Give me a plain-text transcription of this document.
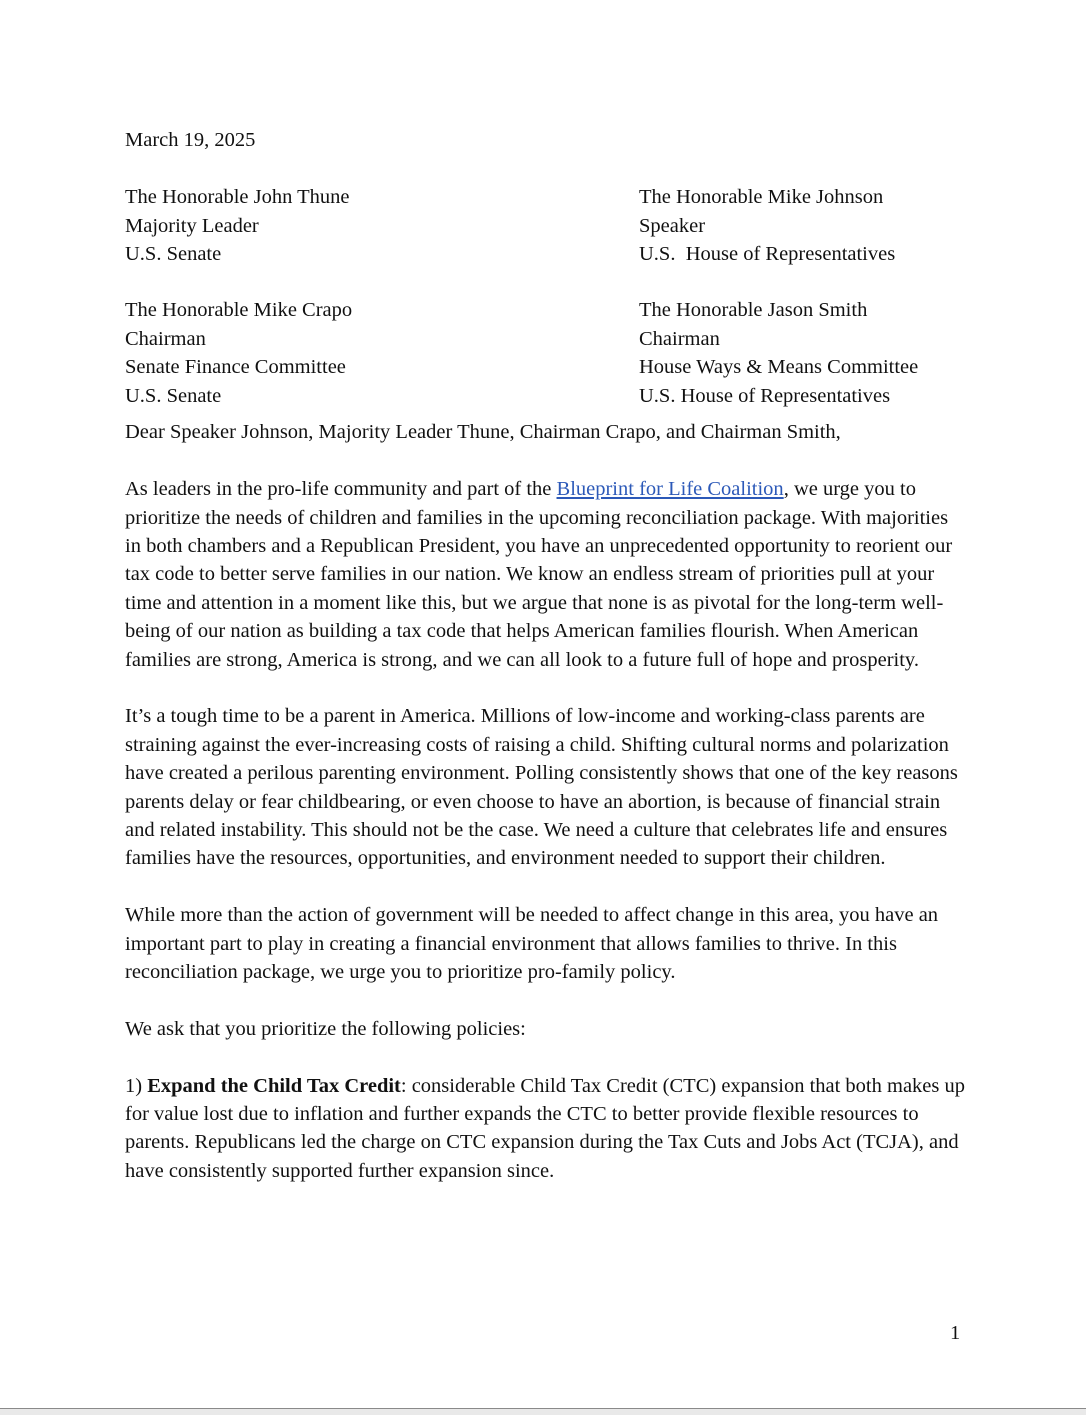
March 19, 2025

The Honorable John Thune
Majority Leader
U.S. Senate
The Honorable Mike Johnson
Speaker
U.S.  House of Representatives
The Honorable Mike Crapo
Chairman
Senate Finance Committee
U.S. Senate
The Honorable Jason Smith
Chairman
House Ways & Means Committee
U.S. House of Representatives

Dear Speaker Johnson, Majority Leader Thune, Chairman Crapo, and Chairman Smith,

As leaders in the pro-life community and part of the Blueprint for Life Coalition, we urge you to prioritize the needs of children and families in the upcoming reconciliation package. With majorities in both chambers and a Republican President, you have an unprecedented opportunity to reorient our tax code to better serve families in our nation. We know an endless stream of priorities pull at your time and attention in a moment like this, but we argue that none is as pivotal for the long-term well-being of our nation as building a tax code that helps American families flourish. When American families are strong, America is strong, and we can all look to a future full of hope and prosperity.

It’s a tough time to be a parent in America. Millions of low-income and working-class parents are straining against the ever-increasing costs of raising a child. Shifting cultural norms and polarization have created a perilous parenting environment. Polling consistently shows that one of the key reasons parents delay or fear childbearing, or even choose to have an abortion, is because of financial strain and related instability. This should not be the case. We need a culture that celebrates life and ensures families have the resources, opportunities, and environment needed to support their children.

While more than the action of government will be needed to affect change in this area, you have an important part to play in creating a financial environment that allows families to thrive. In this reconciliation package, we urge you to prioritize pro-family policy.

We ask that you prioritize the following policies:

1) Expand the Child Tax Credit: considerable Child Tax Credit (CTC) expansion that both makes up for value lost due to inflation and further expands the CTC to better provide flexible resources to parents. Republicans led the charge on CTC expansion during the Tax Cuts and Jobs Act (TCJA), and have consistently supported further expansion since.

1
